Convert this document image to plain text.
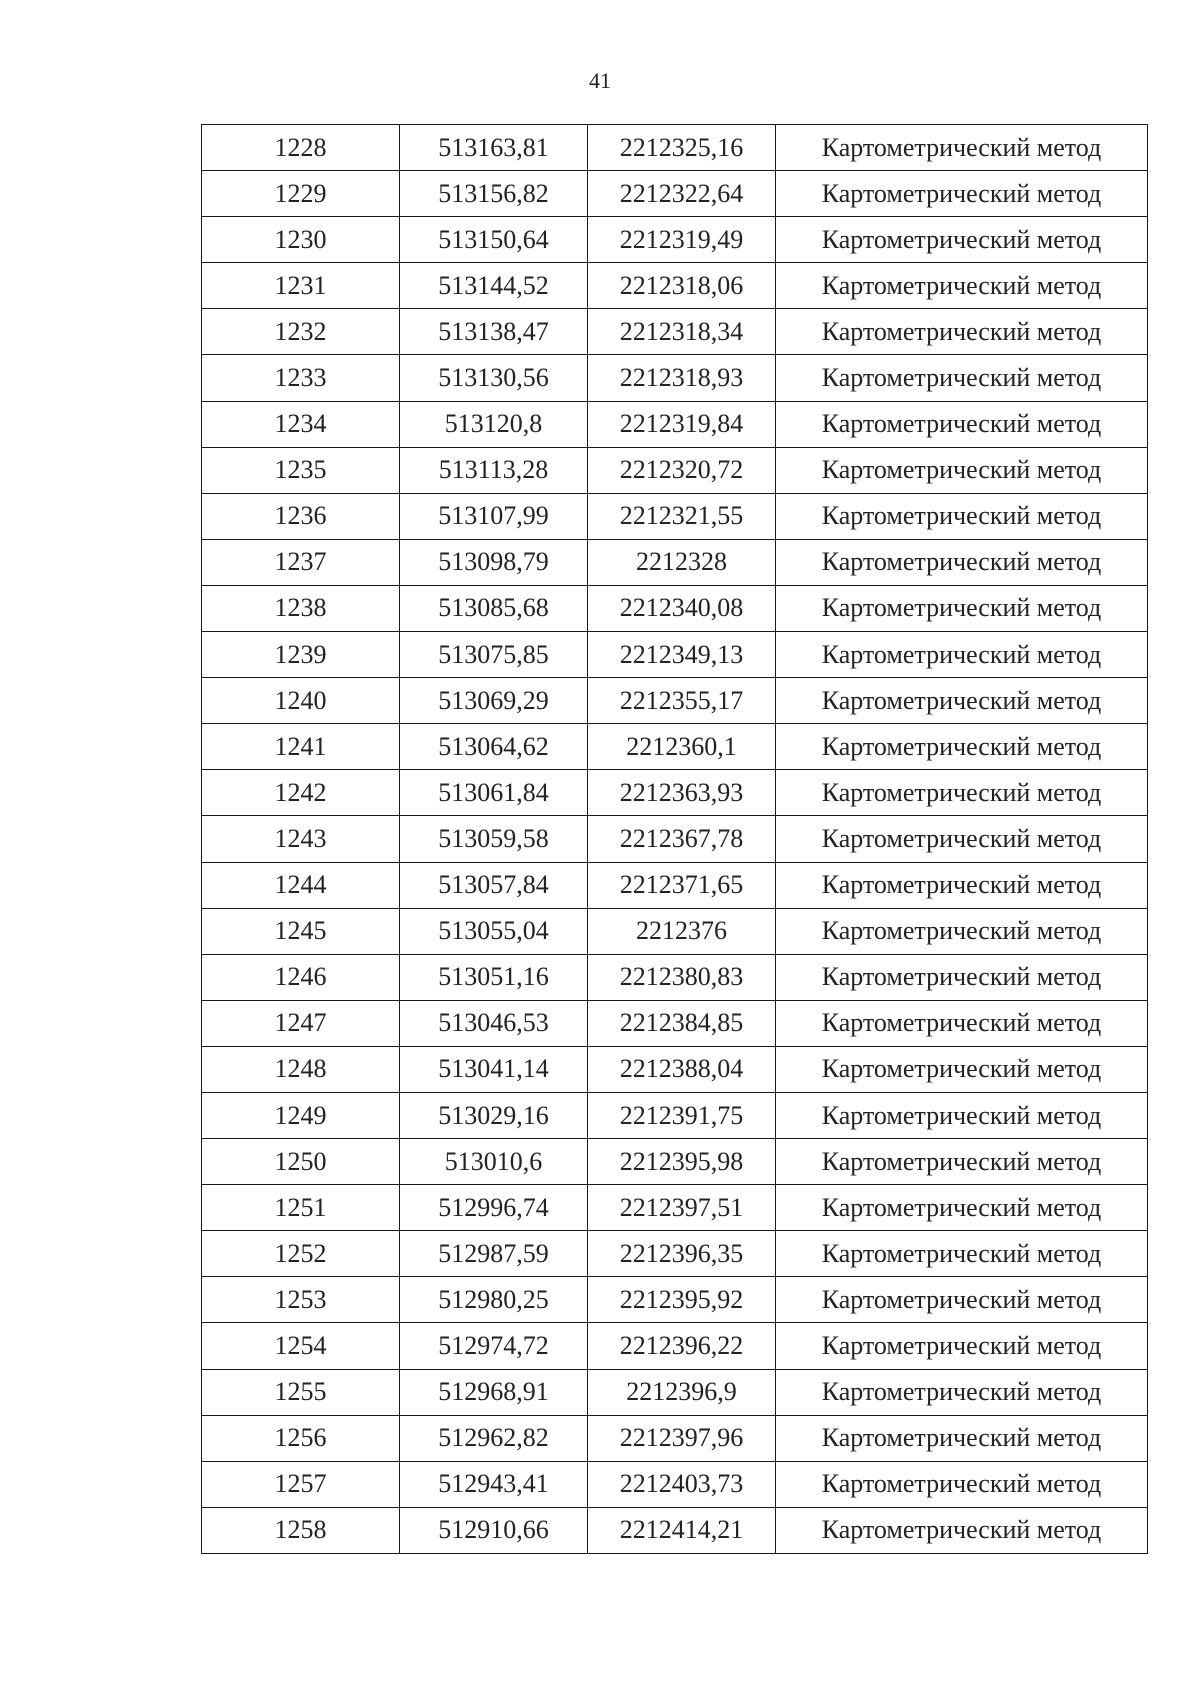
41
1228	513163,81	2212325,16	Картометрический метод
1229	513156,82	2212322,64	Картометрический метод
1230	513150,64	2212319,49	Картометрический метод
1231	513144,52	2212318,06	Картометрический метод
1232	513138,47	2212318,34	Картометрический метод
1233	513130,56	2212318,93	Картометрический метод
1234	513120,8	2212319,84	Картометрический метод
1235	513113,28	2212320,72	Картометрический метод
1236	513107,99	2212321,55	Картометрический метод
1237	513098,79	2212328	Картометрический метод
1238	513085,68	2212340,08	Картометрический метод
1239	513075,85	2212349,13	Картометрический метод
1240	513069,29	2212355,17	Картометрический метод
1241	513064,62	2212360,1	Картометрический метод
1242	513061,84	2212363,93	Картометрический метод
1243	513059,58	2212367,78	Картометрический метод
1244	513057,84	2212371,65	Картометрический метод
1245	513055,04	2212376	Картометрический метод
1246	513051,16	2212380,83	Картометрический метод
1247	513046,53	2212384,85	Картометрический метод
1248	513041,14	2212388,04	Картометрический метод
1249	513029,16	2212391,75	Картометрический метод
1250	513010,6	2212395,98	Картометрический метод
1251	512996,74	2212397,51	Картометрический метод
1252	512987,59	2212396,35	Картометрический метод
1253	512980,25	2212395,92	Картометрический метод
1254	512974,72	2212396,22	Картометрический метод
1255	512968,91	2212396,9	Картометрический метод
1256	512962,82	2212397,96	Картометрический метод
1257	512943,41	2212403,73	Картометрический метод
1258	512910,66	2212414,21	Картометрический метод
